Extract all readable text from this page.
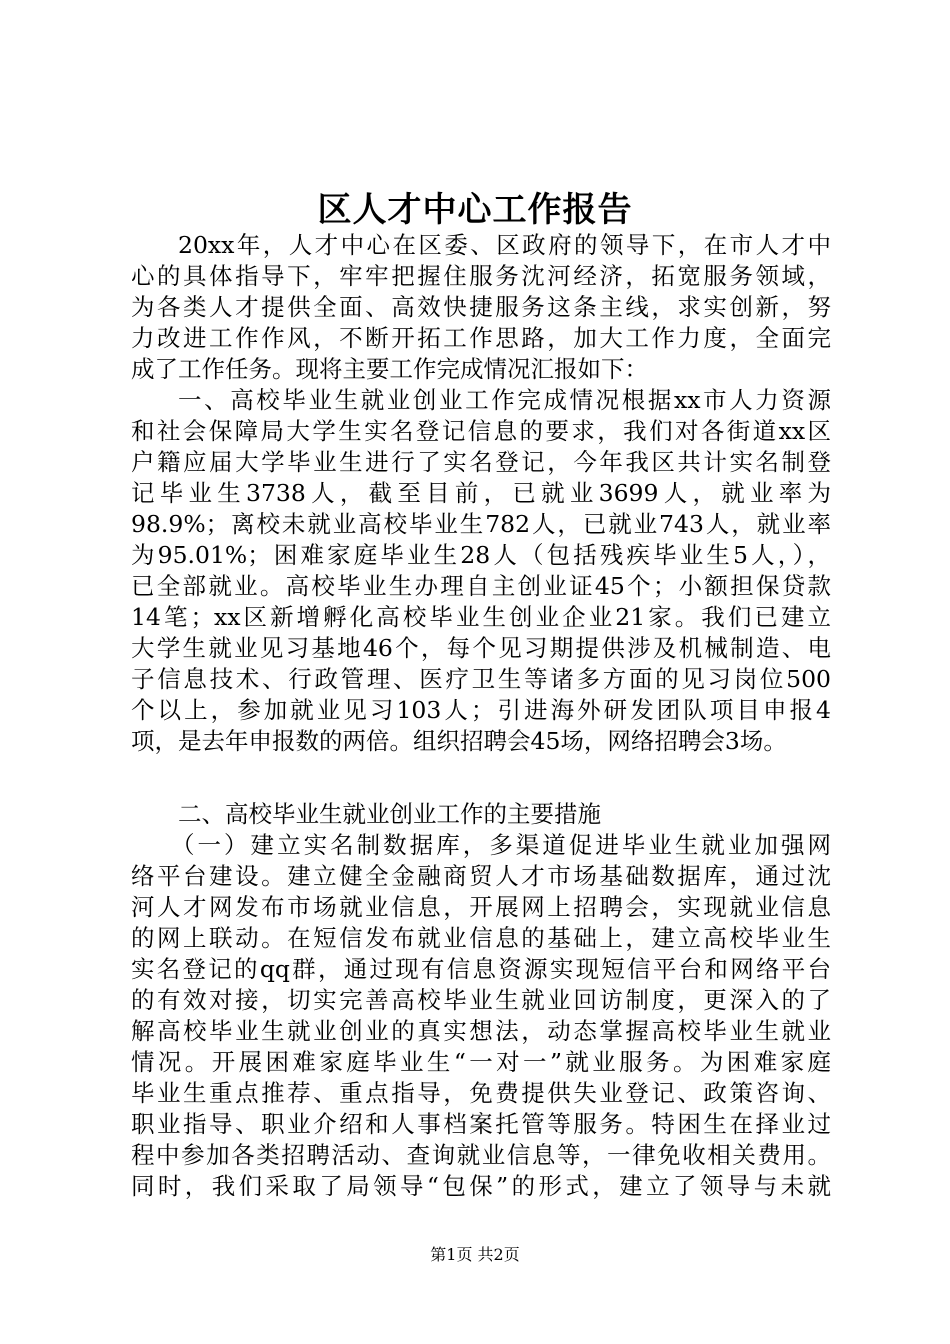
区人才中心工作报告
20xx年，人才中心在区委、区政府的领导下，在市人才中
心的具体指导下，牢牢把握住服务沈河经济，拓宽服务领域，
为各类人才提供全面、高效快捷服务这条主线，求实创新，努
力改进工作作风，不断开拓工作思路，加大工作力度，全面完
成了工作任务。现将主要工作完成情况汇报如下：
一、高校毕业生就业创业工作完成情况根据xx市人力资源
和社会保障局大学生实名登记信息的要求，我们对各街道xx区
户籍应届大学毕业生进行了实名登记，今年我区共计实名制登
记毕业生3738人，截至目前，已就业3699人，就业率为
98.9%；离校未就业高校毕业生782人，已就业743人，就业率
为95.01%；困难家庭毕业生28人（包括残疾毕业生5人，），
已全部就业。高校毕业生办理自主创业证45个；小额担保贷款
14笔；xx区新增孵化高校毕业生创业企业21家。我们已建立
大学生就业见习基地46个，每个见习期提供涉及机械制造、电
子信息技术、行政管理、医疗卫生等诸多方面的见习岗位500
个以上，参加就业见习103人；引进海外研发团队项目申报4
项，是去年申报数的两倍。组织招聘会45场，网络招聘会3场。
二、高校毕业生就业创业工作的主要措施
（一）建立实名制数据库，多渠道促进毕业生就业加强网
络平台建设。建立健全金融商贸人才市场基础数据库，通过沈
河人才网发布市场就业信息，开展网上招聘会，实现就业信息
的网上联动。在短信发布就业信息的基础上，建立高校毕业生
实名登记的qq群，通过现有信息资源实现短信平台和网络平台
的有效对接，切实完善高校毕业生就业回访制度，更深入的了
解高校毕业生就业创业的真实想法，动态掌握高校毕业生就业
情况。开展困难家庭毕业生“一对一”就业服务。为困难家庭
毕业生重点推荐、重点指导，免费提供失业登记、政策咨询、
职业指导、职业介绍和人事档案托管等服务。特困生在择业过
程中参加各类招聘活动、查询就业信息等，一律免收相关费用。
同时，我们采取了局领导“包保”的形式，建立了领导与未就
第1页 共2页
